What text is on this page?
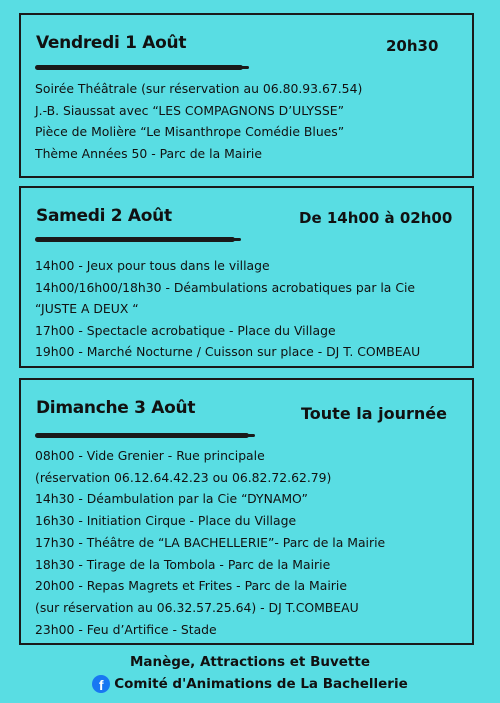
Vendredi 1 Août	20h30
Soirée Théâtrale (sur réservation au 06.80.93.67.54)
J.-B. Siaussat avec “LES COMPAGNONS D’ULYSSE”
Pièce de Molière “Le Misanthrope Comédie Blues”
Thème Années 50 - Parc de la Mairie
Samedi 2 Août	De 14h00 à 02h00
14h00 - Jeux pour tous dans le village
14h00/16h00/18h30 - Déambulations acrobatiques par la Cie
“JUSTE A DEUX “
17h00 - Spectacle acrobatique - Place du Village
19h00 - Marché Nocturne / Cuisson sur place - DJ T. COMBEAU
Dimanche 3 Août	Toute la journée
08h00 - Vide Grenier - Rue principale
(réservation 06.12.64.42.23 ou 06.82.72.62.79)
14h30 - Déambulation par la Cie “DYNAMO”
16h30 - Initiation Cirque - Place du Village
17h30 - Théâtre de “LA BACHELLERIE”- Parc de la Mairie
18h30 - Tirage de la Tombola - Parc de la Mairie
20h00 - Repas Magrets et Frites - Parc de la Mairie
(sur réservation au 06.32.57.25.64) - DJ T.COMBEAU
23h00 - Feu d’Artifice - Stade
Manège, Attractions et Buvette
f Comité d'Animations de La Bachellerie
